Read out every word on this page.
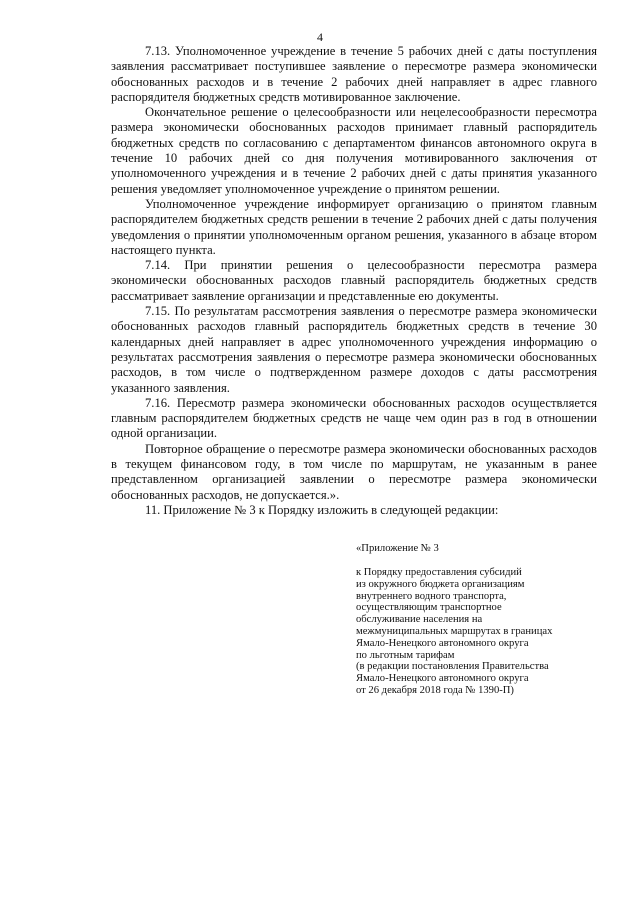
4

7.13. Уполномоченное учреждение в течение 5 рабочих дней с даты поступления заявления рассматривает поступившее заявление о пересмотре размера экономически обоснованных расходов и в течение 2 рабочих дней направляет в адрес главного распорядителя бюджетных средств мотивированное заключение.

Окончательное решение о целесообразности или нецелесообразности пересмотра размера экономически обоснованных расходов принимает главный распорядитель бюджетных средств по согласованию с департаментом финансов автономного округа в течение 10 рабочих дней со дня получения мотивированного заключения от уполномоченного учреждения и в течение 2 рабочих дней с даты принятия указанного решения уведомляет уполномоченное учреждение о принятом решении.

Уполномоченное учреждение информирует организацию о принятом главным распорядителем бюджетных средств решении в течение 2 рабочих дней с даты получения уведомления о принятии уполномоченным органом решения, указанного в абзаце втором настоящего пункта.

7.14. При принятии решения о целесообразности пересмотра размера экономически обоснованных расходов главный распорядитель бюджетных средств рассматривает заявление организации и представленные ею документы.

7.15. По результатам рассмотрения заявления о пересмотре размера экономически обоснованных расходов главный распорядитель бюджетных средств в течение 30 календарных дней направляет в адрес уполномоченного учреждения информацию о результатах рассмотрения заявления о пересмотре размера экономически обоснованных расходов, в том числе о подтвержденном размере доходов с даты рассмотрения указанного заявления.

7.16. Пересмотр размера экономически обоснованных расходов осуществляется главным распорядителем бюджетных средств не чаще чем один раз в год в отношении одной организации.

Повторное обращение о пересмотре размера экономически обоснованных расходов в текущем финансовом году, в том числе по маршрутам, не указанным в ранее представленном организацией заявлении о пересмотре размера экономически обоснованных расходов, не допускается.».

11. Приложение № 3 к Порядку изложить в следующей редакции:

«Приложение № 3
к Порядку предоставления субсидий
из окружного бюджета организациям
внутреннего водного транспорта,
осуществляющим транспортное
обслуживание населения на
межмуниципальных маршрутах в границах
Ямало-Ненецкого автономного округа
по льготным тарифам
(в редакции постановления Правительства
Ямало-Ненецкого автономного округа
от 26 декабря 2018 года № 1390-П)
